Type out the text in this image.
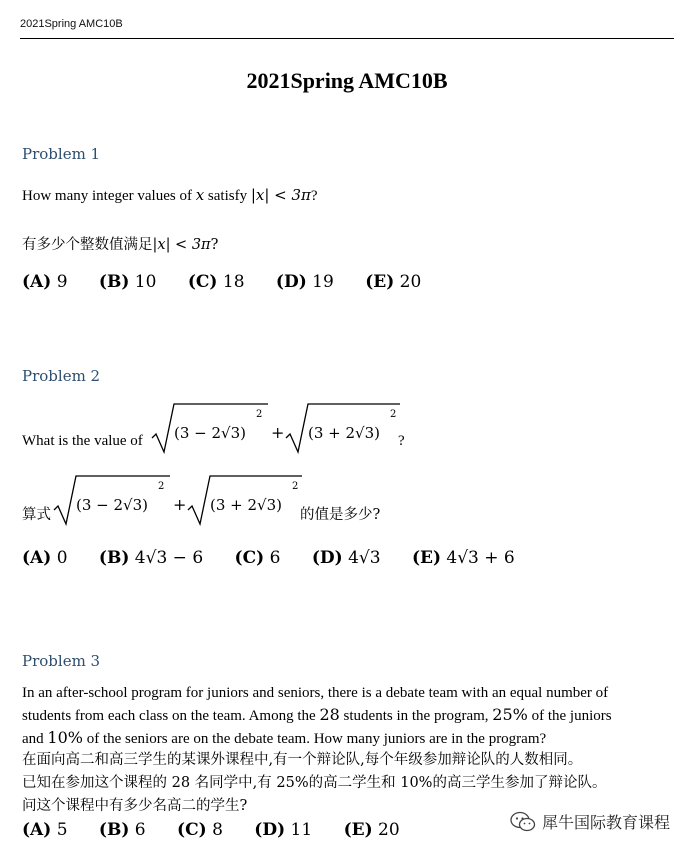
2021Spring AMC10B
2021Spring AMC10B
Problem 1
How many integer values of x satisfy |x| < 3π?
有多少个整数值满足|x| < 3π?
(A) 9 (B) 10 (C) 18 (D) 19 (E) 20
Problem 2
What is the value of (3 − 2√3)
2
+ (3 + 2√3)
2
?
算式
(3 − 2√3)
2
+ (3 + 2√3)
2
的值是多少?
(A) 0 (B) 4√3 − 6 (C) 6 (D) 4√3 (E) 4√3 + 6
Problem 3
In an after-school program for juniors and seniors, there is a debate team with an equal number of
students from each class on the team. Among the 28 students in the program, 25% of the juniors
and 10% of the seniors are on the debate team. How many juniors are in the program?
在面向高二和高三学生的某课外课程中,有一个辩论队,每个年级参加辩论队的人数相同。
已知在参加这个课程的 28 名同学中,有 25%的高二学生和 10%的高三学生参加了辩论队。
问这个课程中有多少名高二的学生?
(A) 5 (B) 6 (C) 8 (D) 11 (E) 20	犀牛国际教育课程
